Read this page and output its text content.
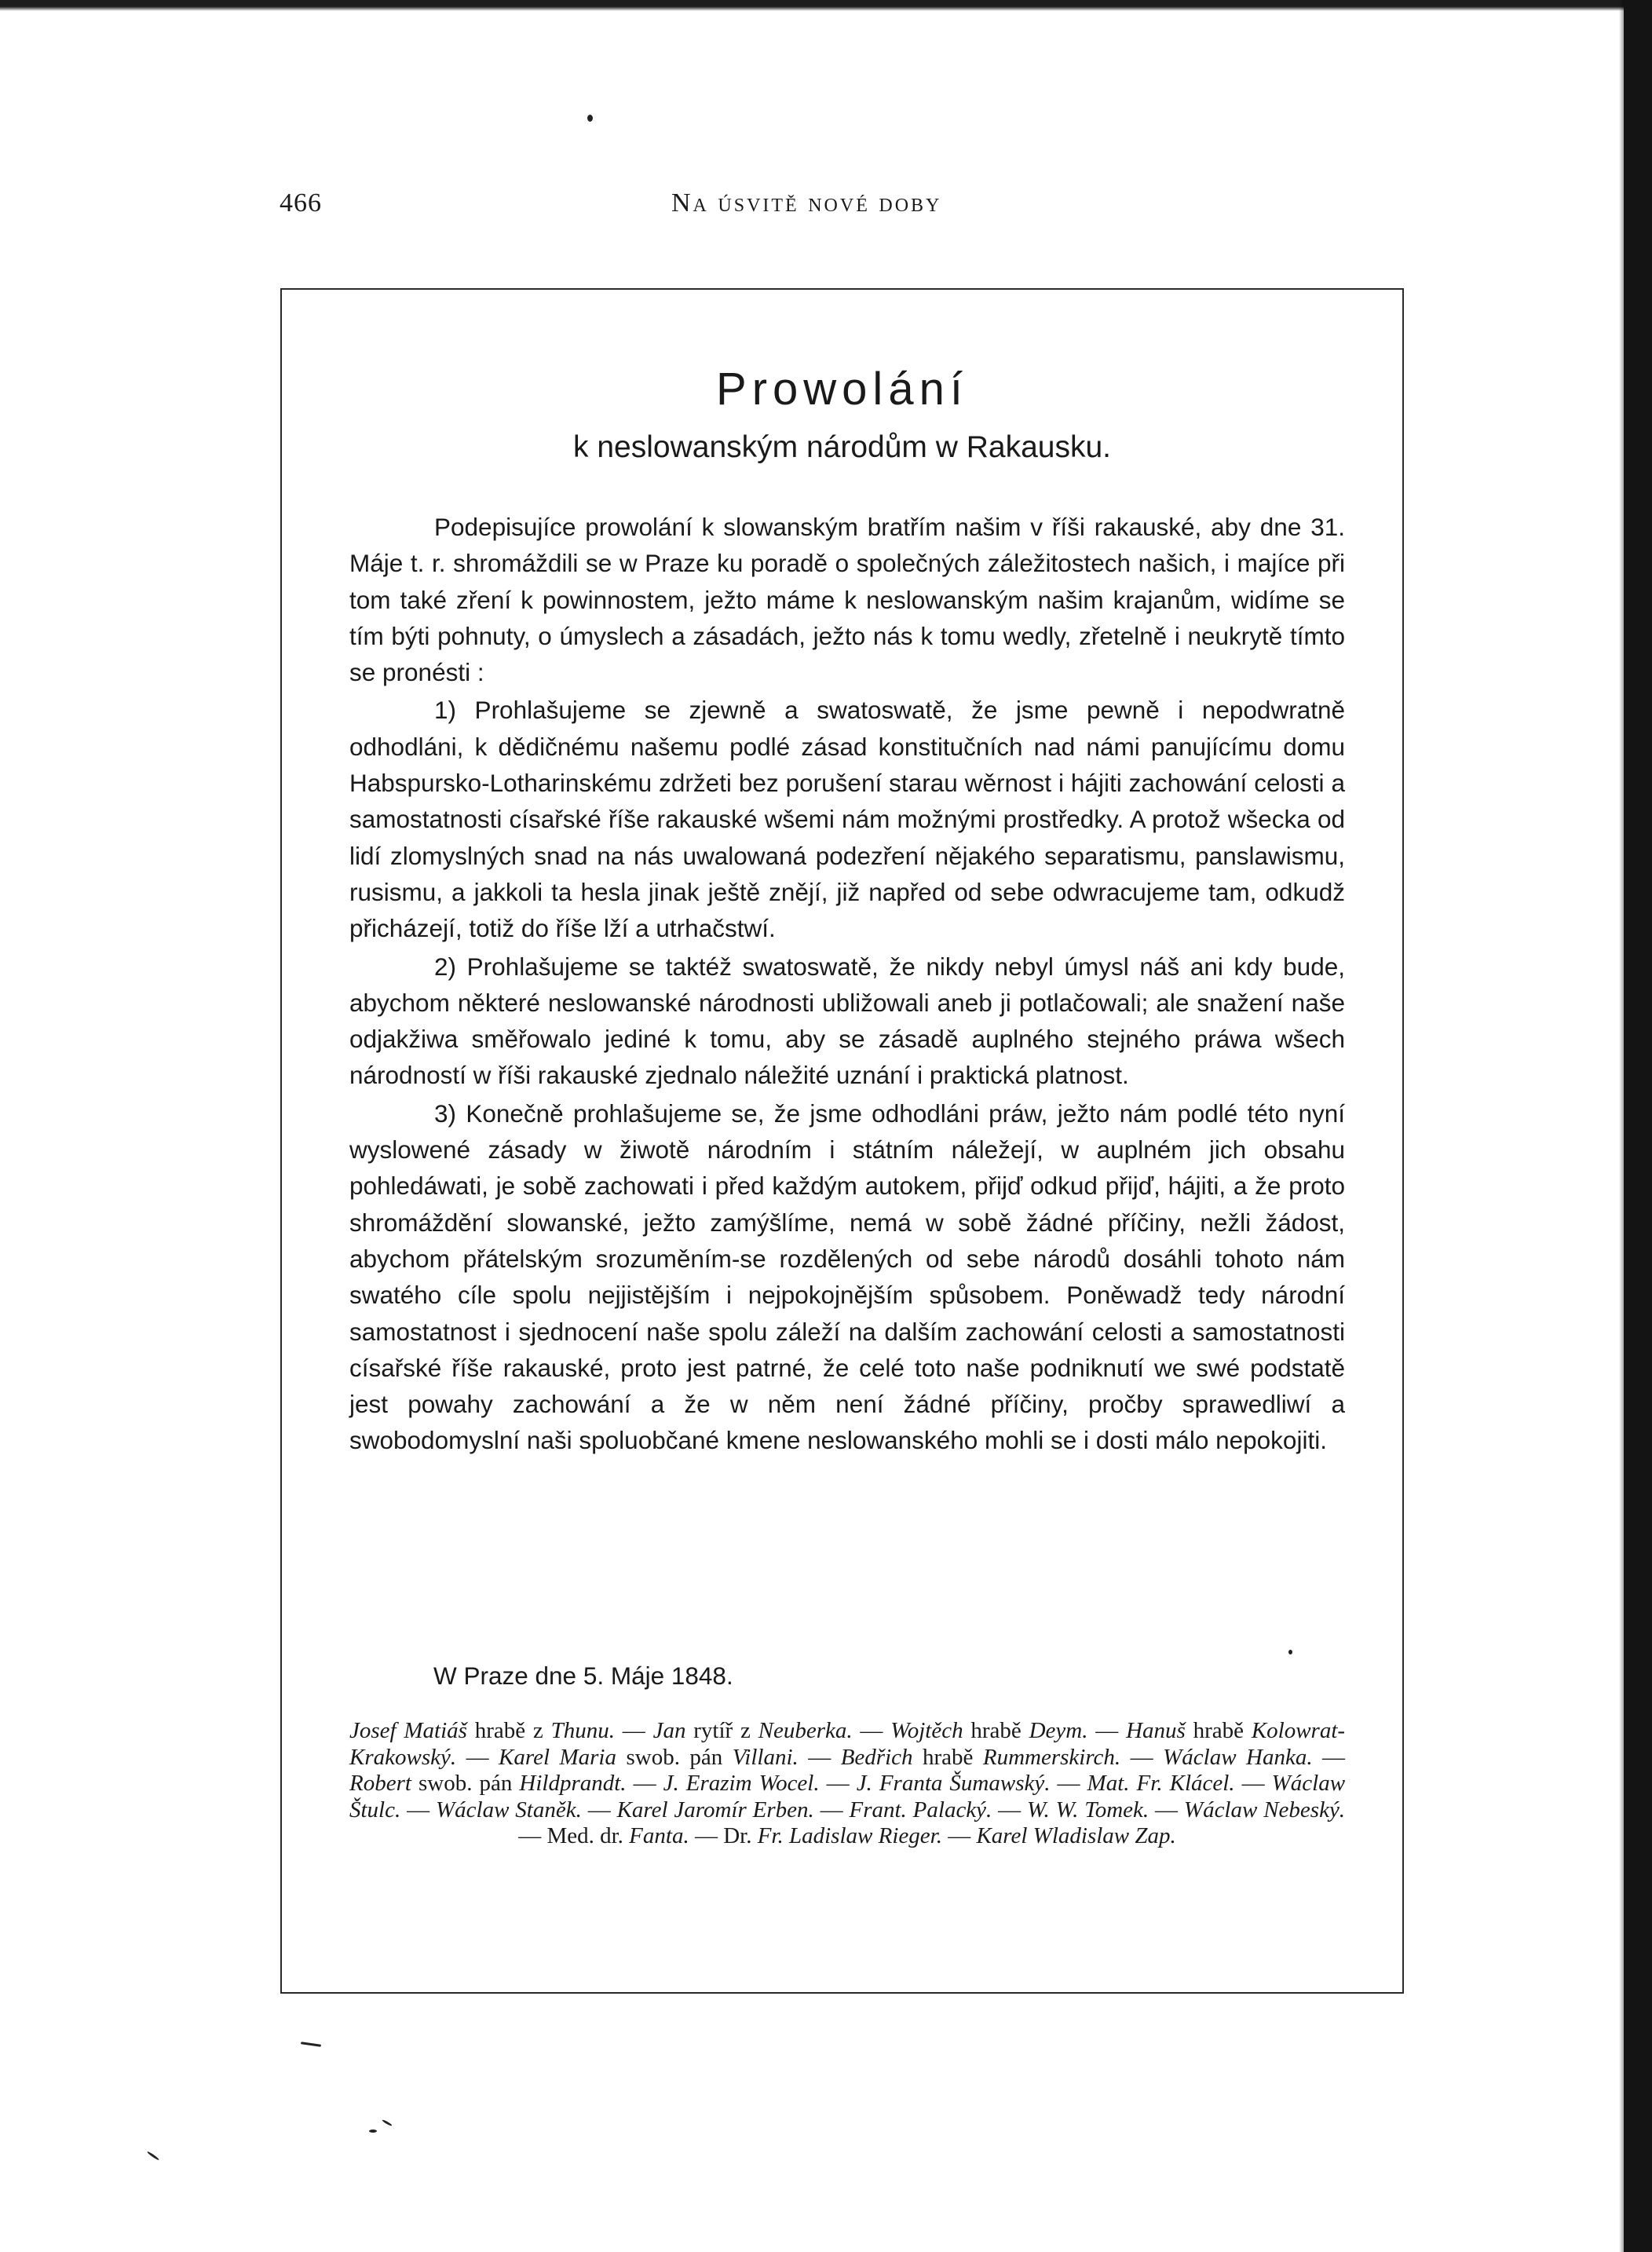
466	Na úsvitě nové doby
Prowolání
k neslowanským národům w Rakausku.

Podepisujíce prowolání k slowanským bratřím našim v říši rakauské, aby dne 31. Máje t. r. shromáždili se w Praze ku poradě o společných záležitostech našich, i majíce při tom také zření k powinnostem, ježto máme k neslowanským našim krajanům, widíme se tím býti pohnuty, o úmyslech a zásadách, ježto nás k tomu wedly, zřetelně i neukrytě tímto se pronésti :

1) Prohlašujeme se zjewně a swatoswatě, že jsme pewně i nepodwratně odhodláni, k dědičnému našemu podlé zásad konstitučních nad námi panujícímu domu Habspursko-Lotharinskému zdržeti bez porušení starau wěrnost i hájiti zachowání celosti a samostatnosti císařské říše rakauské wšemi nám možnými prostředky. A protož wšecka od lidí zlomyslných snad na nás uwalowaná podezření nějakého separatismu, panslawismu, rusismu, a jakkoli ta hesla jinak ještě znějí, již napřed od sebe odwracujeme tam, odkudž přicházejí, totiž do říše lží a utrhačstwí.

2) Prohlašujeme se taktéž swatoswatě, že nikdy nebyl úmysl náš ani kdy bude, abychom některé neslowanské národnosti ubližowali aneb ji potlačowali; ale snažení naše odjakžiwa směřowalo jediné k tomu, aby se zásadě auplného stejného práwa wšech národností w říši rakauské zjednalo náležité uznání i praktická platnost.

3) Konečně prohlašujeme se, že jsme odhodláni práw, ježto nám podlé této nyní wyslowené zásady w žiwotě národním i státním náležejí, w auplném jich obsahu pohledáwati, je sobě zachowati i před každým autokem, přijď odkud přijď, hájiti, a že proto shromáždění slowanské, ježto zamýšlíme, nemá w sobě žádné příčiny, nežli žádost, abychom přátelským srozuměním-se rozdělených od sebe národů dosáhli tohoto nám swatého cíle spolu nejjistějším i nejpokojnějším spůsobem. Poněwadž tedy národní samostatnost i sjednocení naše spolu záleží na dalším zachowání celosti a samostatnosti císařské říše rakauské, proto jest patrné, že celé toto naše podniknutí we swé podstatě jest powahy zachowání a že w něm není žádné příčiny, pročby sprawedliwí a swobodomyslní naši spoluobčané kmene neslowanského mohli se i dosti málo nepokojiti.

W Praze dne 5. Máje 1848.
Josef Matiáš hrabě z Thunu. — Jan rytíř z Neuberka. — Wojtěch hrabě Deym. — Hanuš hrabě Kolowrat-Krakowský. — Karel Maria swob. pán Villani. — Bedřich hrabě Rummerskirch. — Wáclaw Hanka. — Robert swob. pán Hildprandt. — J. Erazim Wocel. — J. Franta Šumawský. — Mat. Fr. Klácel. — Wáclaw Štulc. — Wáclaw Staněk. — Karel Jaromír Erben. — Frant. Palacký. — W. W. Tomek. — Wáclaw Nebeský. — Med. dr. Fanta. — Dr. Fr. Ladislaw Rieger. — Karel Wladislaw Zap.
